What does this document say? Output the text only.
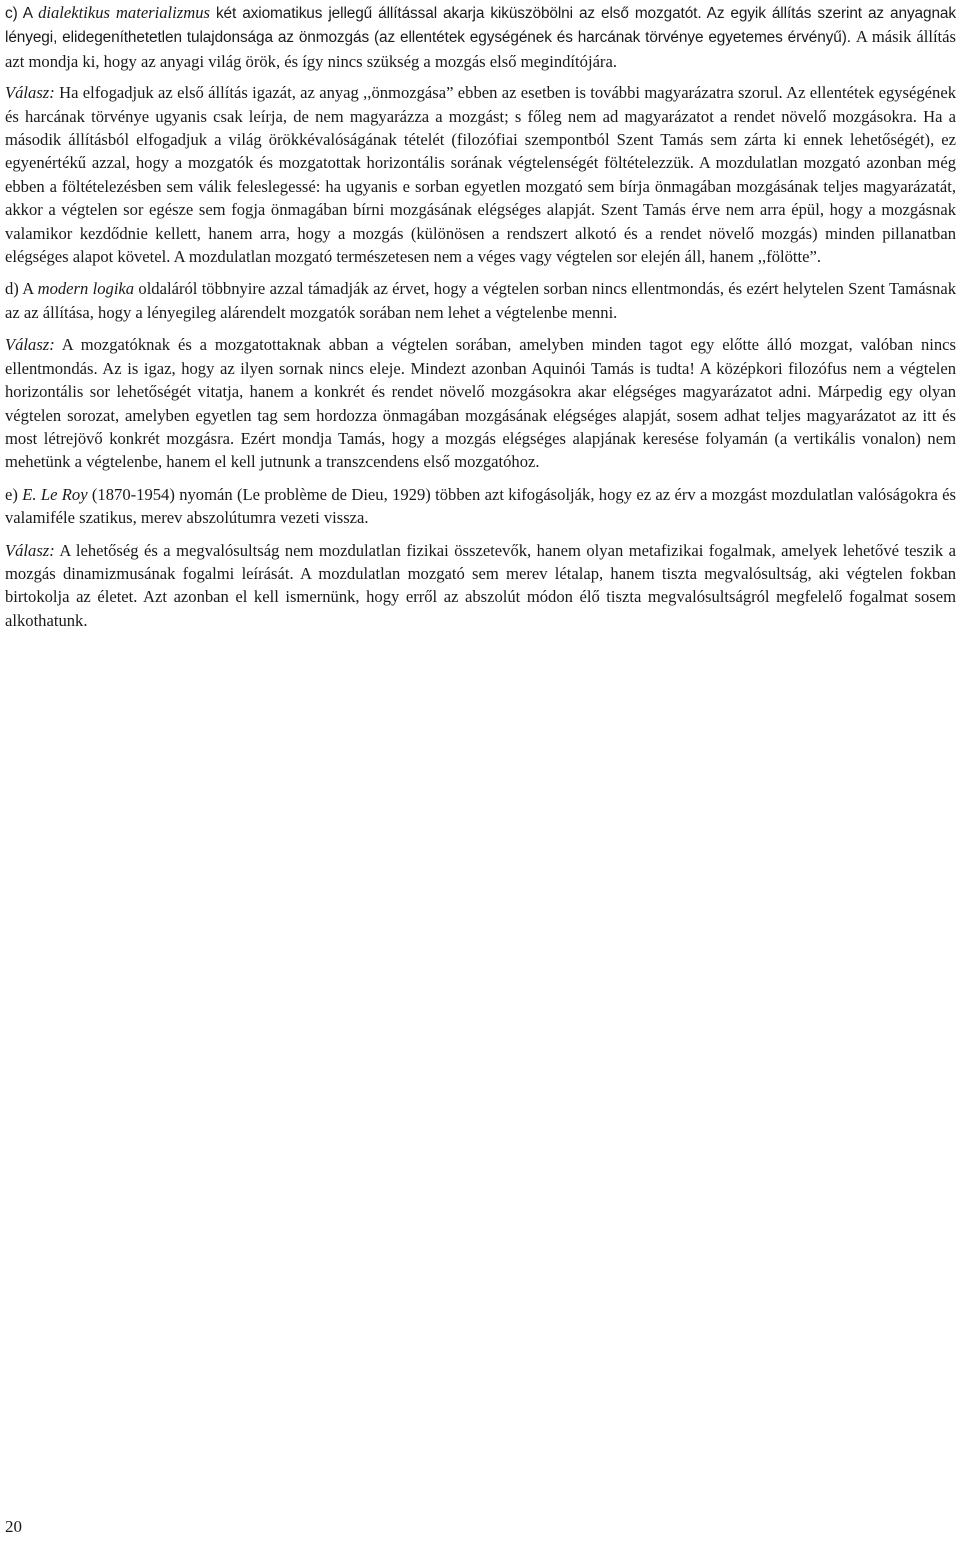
c) A dialektikus materializmus két axiomatikus jellegű állítással akarja kiküszöbölni az első mozgatót. Az egyik állítás szerint az anyagnak lényegi, elidegeníthetetlen tulajdonsága az önmozgás (az ellentétek egységének és harcának törvénye egyetemes érvényű). A másik állítás azt mondja ki, hogy az anyagi világ örök, és így nincs szükség a mozgás első megindítójára.

Válasz: Ha elfogadjuk az első állítás igazát, az anyag ,,önmozgása” ebben az esetben is további magyarázatra szorul. Az ellentétek egységének és harcának törvénye ugyanis csak leírja, de nem magyarázza a mozgást; s főleg nem ad magyarázatot a rendet növelő mozgásokra. Ha a második állításból elfogadjuk a világ örökkévalóságának tételét (filozófiai szempontból Szent Tamás sem zárta ki ennek lehetőségét), ez egyenértékű azzal, hogy a mozgatók és mozgatottak horizontális sorának végtelenségét föltételezzük. A mozdulatlan mozgató azonban még ebben a föltételezésben sem válik feleslegessé: ha ugyanis e sorban egyetlen mozgató sem bírja önmagában mozgásának teljes magyarázatát, akkor a végtelen sor egésze sem fogja önmagában bírni mozgásának elégséges alapját. Szent Tamás érve nem arra épül, hogy a mozgásnak valamikor kezdődnie kellett, hanem arra, hogy a mozgás (különösen a rendszert alkotó és a rendet növelő mozgás) minden pillanatban elégséges alapot követel. A mozdulatlan mozgató természetesen nem a véges vagy végtelen sor elején áll, hanem ,,fölötte”.

d) A modern logika oldaláról többnyire azzal támadják az érvet, hogy a végtelen sorban nincs ellentmondás, és ezért helytelen Szent Tamásnak az az állítása, hogy a lényegileg alárendelt mozgatók sorában nem lehet a végtelenbe menni.

Válasz: A mozgatóknak és a mozgatottaknak abban a végtelen sorában, amelyben minden tagot egy előtte álló mozgat, valóban nincs ellentmondás. Az is igaz, hogy az ilyen sornak nincs eleje. Mindezt azonban Aquinói Tamás is tudta! A középkori filozófus nem a végtelen horizontális sor lehetőségét vitatja, hanem a konkrét és rendet növelő mozgásokra akar elégséges magyarázatot adni. Márpedig egy olyan végtelen sorozat, amelyben egyetlen tag sem hordozza önmagában mozgásának elégséges alapját, sosem adhat teljes magyarázatot az itt és most létrejövő konkrét mozgásra. Ezért mondja Tamás, hogy a mozgás elégséges alapjának keresése folyamán (a vertikális vonalon) nem mehetünk a végtelenbe, hanem el kell jutnunk a transzcendens első mozgatóhoz.

e) E. Le Roy (1870-1954) nyomán (Le problème de Dieu, 1929) többen azt kifogásolják, hogy ez az érv a mozgást mozdulatlan valóságokra és valamiféle szatikus, merev abszolútumra vezeti vissza.

Válasz: A lehetőség és a megvalósultság nem mozdulatlan fizikai összetevők, hanem olyan metafizikai fogalmak, amelyek lehetővé teszik a mozgás dinamizmusának fogalmi leírását. A mozdulatlan mozgató sem merev létalap, hanem tiszta megvalósultság, aki végtelen fokban birtokolja az életet. Azt azonban el kell ismernünk, hogy erről az abszolút módon élő tiszta megvalósultságról megfelelő fogalmat sosem alkothatunk.

20
